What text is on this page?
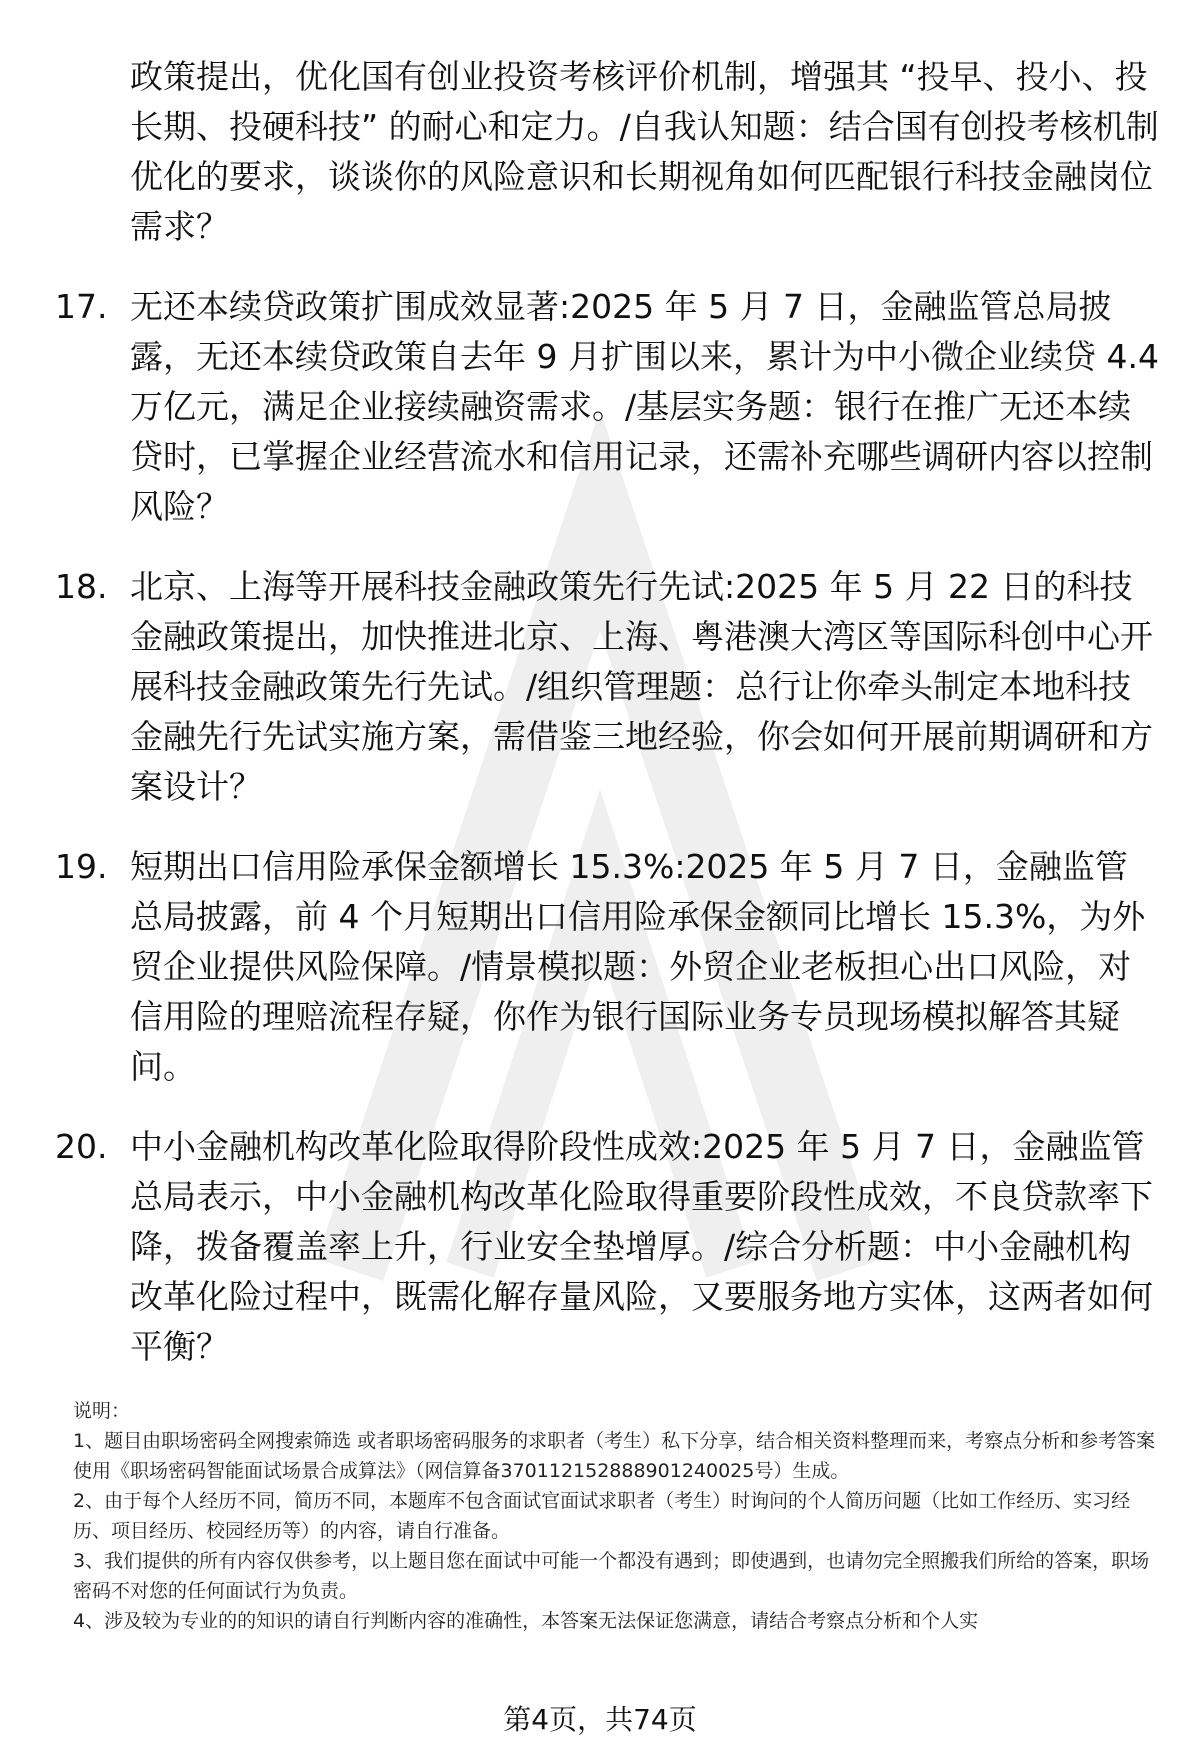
政策提出，优化国有创业投资考核评价机制，增强其 “投早、投小、投长期、投硬科技” 的耐心和定力。/自我认知题：结合国有创投考核机制优化的要求，谈谈你的风险意识和长期视角如何匹配银行科技金融岗位需求？
17. 无还本续贷政策扩围成效显著:2025 年 5 月 7 日，金融监管总局披露，无还本续贷政策自去年 9 月扩围以来，累计为中小微企业续贷 4.4 万亿元，满足企业接续融资需求。/基层实务题：银行在推广无还本续贷时，已掌握企业经营流水和信用记录，还需补充哪些调研内容以控制风险？
18. 北京、上海等开展科技金融政策先行先试:2025 年 5 月 22 日的科技金融政策提出，加快推进北京、上海、粤港澳大湾区等国际科创中心开展科技金融政策先行先试。/组织管理题：总行让你牵头制定本地科技金融先行先试实施方案，需借鉴三地经验，你会如何开展前期调研和方案设计？
19. 短期出口信用险承保金额增长 15.3%:2025 年 5 月 7 日，金融监管总局披露，前 4 个月短期出口信用险承保金额同比增长 15.3%，为外贸企业提供风险保障。/情景模拟题：外贸企业老板担心出口风险，对信用险的理赔流程存疑，你作为银行国际业务专员现场模拟解答其疑问。
20. 中小金融机构改革化险取得阶段性成效:2025 年 5 月 7 日，金融监管总局表示，中小金融机构改革化险取得重要阶段性成效，不良贷款率下降，拨备覆盖率上升，行业安全垫增厚。/综合分析题：中小金融机构改革化险过程中，既需化解存量风险，又要服务地方实体，这两者如何平衡？
说明：
1、题目由职场密码全网搜索筛选 或者职场密码服务的求职者（考生）私下分享，结合相关资料整理而来，考察点分析和参考答案使用《职场密码智能面试场景合成算法》（网信算备370112152888901240025号）生成。
2、由于每个人经历不同，简历不同，本题库不包含面试官面试求职者（考生）时询问的个人简历问题（比如工作经历、实习经历、项目经历、校园经历等）的内容，请自行准备。
3、我们提供的所有内容仅供参考，以上题目您在面试中可能一个都没有遇到；即使遇到，也请勿完全照搬我们所给的答案，职场密码不对您的任何面试行为负责。
4、涉及较为专业的的知识的请自行判断内容的准确性，本答案无法保证您满意，请结合考察点分析和个人实
第4页，共74页
